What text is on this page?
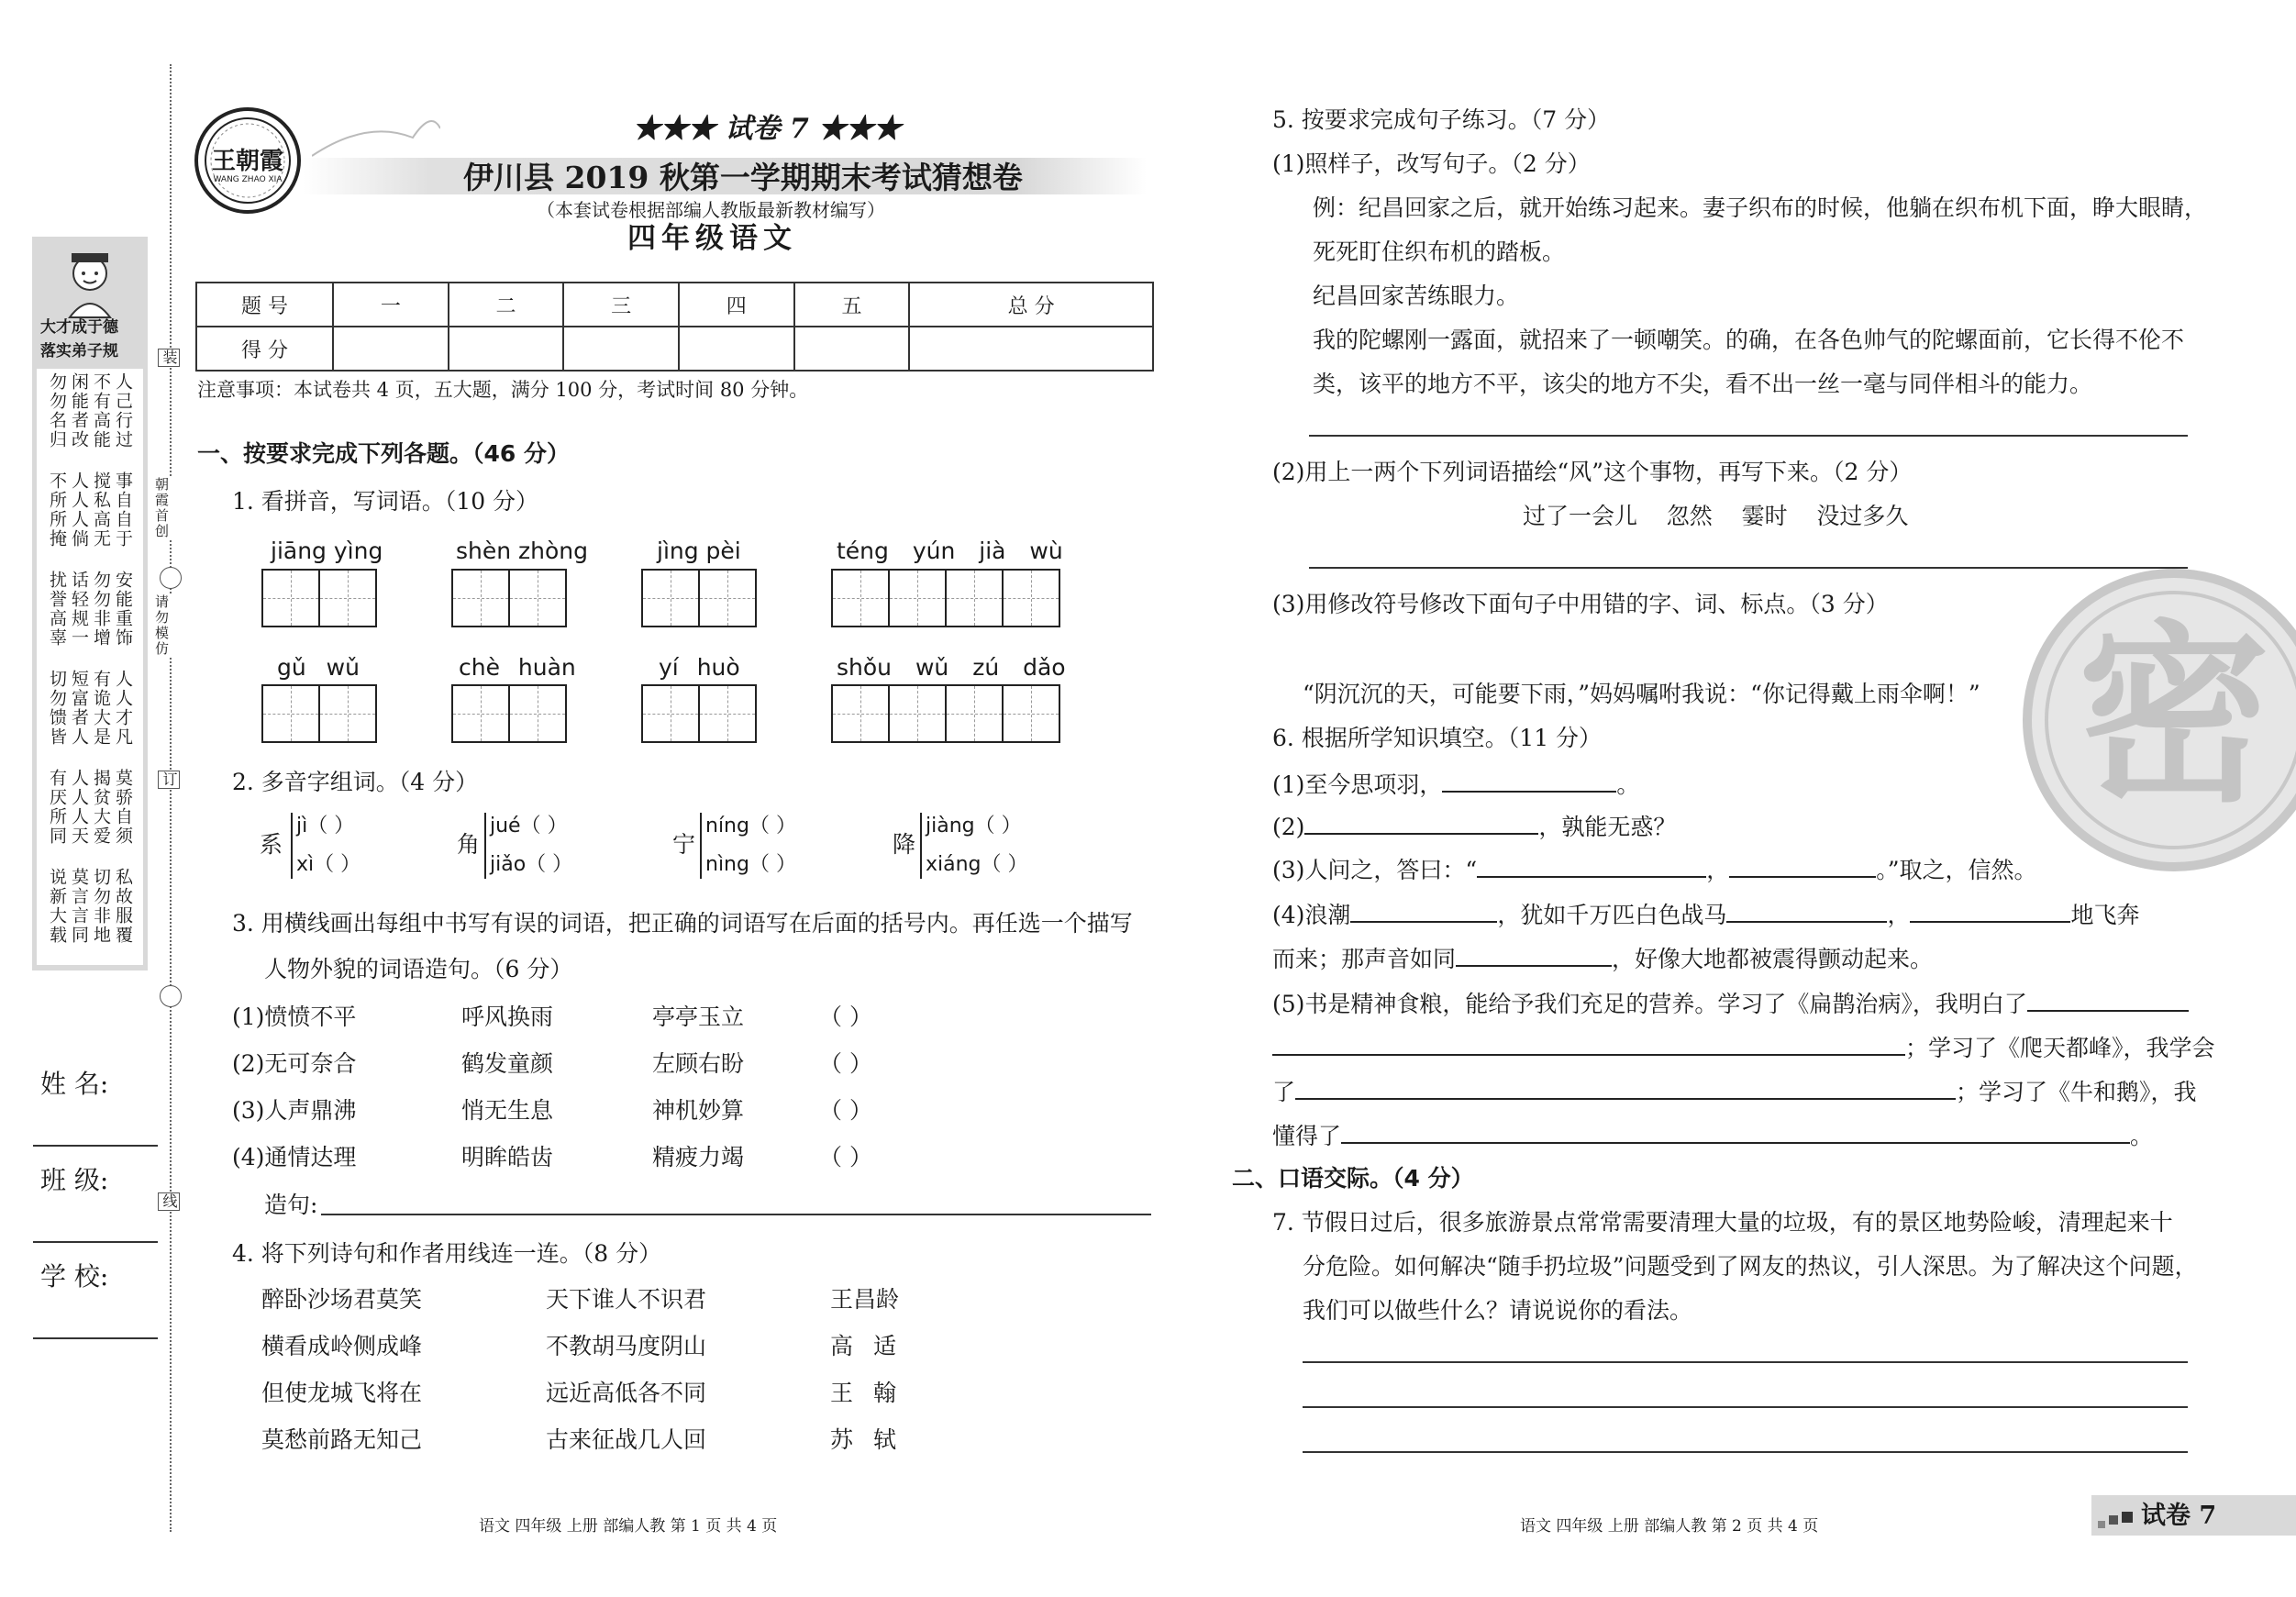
大才成于德
落实弟子规
人己行过
不有高能
闲能者改
勿勿名归
事自自于
搅私高无
人人人倘
不所所掩
安能重饰
勿勿非增
话轻规一
扰誉高辜
人人才凡
有诡大是
短富者人
切勿馈皆
莫骄自须
揭贫大爱
人人人天
有厌所同
私故服覆
切勿非地
莫言言同
说新大载
姓 名:
班 级:
学 校:
装
朝霞首创
请勿模仿
订
线
王朝霞
WANG ZHAO XIA
★★★ 试卷 7 ★★★
伊川县 2019 秋第一学期期末考试猜想卷
（本套试卷根据部编人教版最新教材编写）
四年级语文
题 号	一	二	三	四	五	总 分
得 分						
注意事项：本试卷共 4 页，五大题，满分 100 分，考试时间 80 分钟。
一、按要求完成下列各题。（46 分）
1. 看拼音，写词语。（10 分）
jiāng yìng	shèn zhòng	jìng pèi	téng yún jià wù
gǔ wǔ	chè huàn	yí huò	shǒu wǔ zú dǎo
2. 多音字组词。（4 分）
系
jì（ ）
xì（ ）
角
jué（ ）
jiǎo（ ）
宁
níng（ ）
nìng（ ）
降
jiàng（ ）
xiáng（ ）
3. 用横线画出每组中书写有误的词语，把正确的词语写在后面的括号内。再任选一个描写
人物外貌的词语造句。（6 分）
(1)愤愤不平	呼风换雨	亭亭玉立	（ ）
(2)无可奈合	鹤发童颜	左顾右盼	（ ）
(3)人声鼎沸	悄无生息	神机妙算	（ ）
(4)通情达理	明眸皓齿	精疲力竭	（ ）
造句:
4. 将下列诗句和作者用线连一连。（8 分）
醉卧沙场君莫笑	天下谁人不识君	王昌龄
横看成岭侧成峰	不教胡马度阴山	高 适
但使龙城飞将在	远近高低各不同	王 翰
莫愁前路无知己	古来征战几人回	苏 轼
语文 四年级 上册 部编人教 第 1 页 共 4 页
5. 按要求完成句子练习。（7 分）
(1)照样子，改写句子。（2 分）
例：纪昌回家之后，就开始练习起来。妻子织布的时候，他躺在织布机下面，睁大眼睛，
死死盯住织布机的踏板。
纪昌回家苦练眼力。
我的陀螺刚一露面，就招来了一顿嘲笑。的确，在各色帅气的陀螺面前，它长得不伦不
类，该平的地方不平，该尖的地方不尖，看不出一丝一毫与同伴相斗的能力。
(2)用上一两个下列词语描绘“风”这个事物，再写下来。（2 分）
过了一会儿    忽然    霎时    没过多久
(3)用修改符号修改下面句子中用错的字、词、标点。（3 分）
“阴沉沉的天，可能要下雨，”妈妈嘱咐我说：“你记得戴上雨伞啊！”
6. 根据所学知识填空。（11 分）
(1)至今思项羽，	。
(2)	，孰能无惑？
(3)人问之，答曰：“	，	。”取之，信然。
(4)浪潮	，犹如千万匹白色战马	，	地飞奔
而来；那声音如同	，好像大地都被震得颤动起来。
(5)书是精神食粮，能给予我们充足的营养。学习了《扁鹊治病》，我明白了
；学习了《爬天都峰》，我学会
了	；学习了《牛和鹅》，我
懂得了	。
二、口语交际。（4 分）
7. 节假日过后，很多旅游景点常常需要清理大量的垃圾，有的景区地势险峻，清理起来十
分危险。如何解决“随手扔垃圾”问题受到了网友的热议，引人深思。为了解决这个问题，
我们可以做些什么？请说说你的看法。
密
语文 四年级 上册 部编人教 第 2 页 共 4 页	试卷 7
